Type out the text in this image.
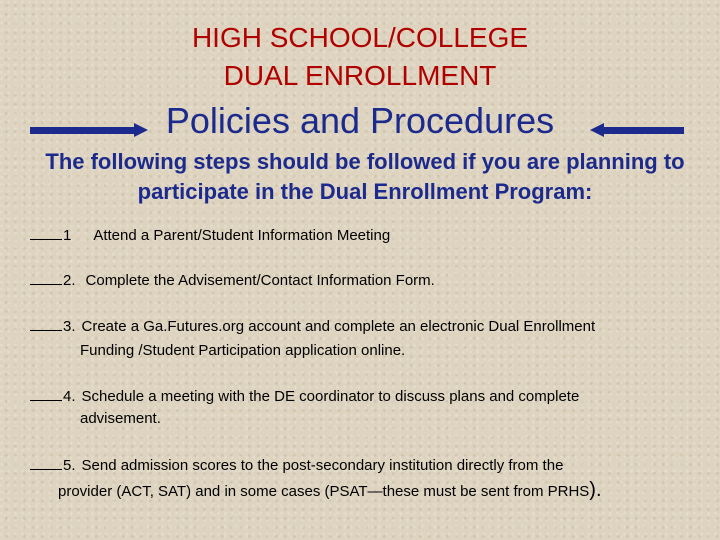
HIGH SCHOOL/COLLEGE
DUAL ENROLLMENT
Policies and Procedures
The following steps should be followed if you are planning to participate in the Dual Enrollment Program:
1 Attend a Parent/Student Information Meeting
2. Complete the Advisement/Contact Information Form.
3. Create a Ga.Futures.org account and complete an electronic Dual Enrollment
Funding /Student Participation application online.
4. Schedule a meeting with the DE coordinator to discuss plans and complete
advisement.
5. Send admission scores to the post-secondary institution directly from the
provider (ACT, SAT) and in some cases (PSAT—these must be sent from PRHS).
